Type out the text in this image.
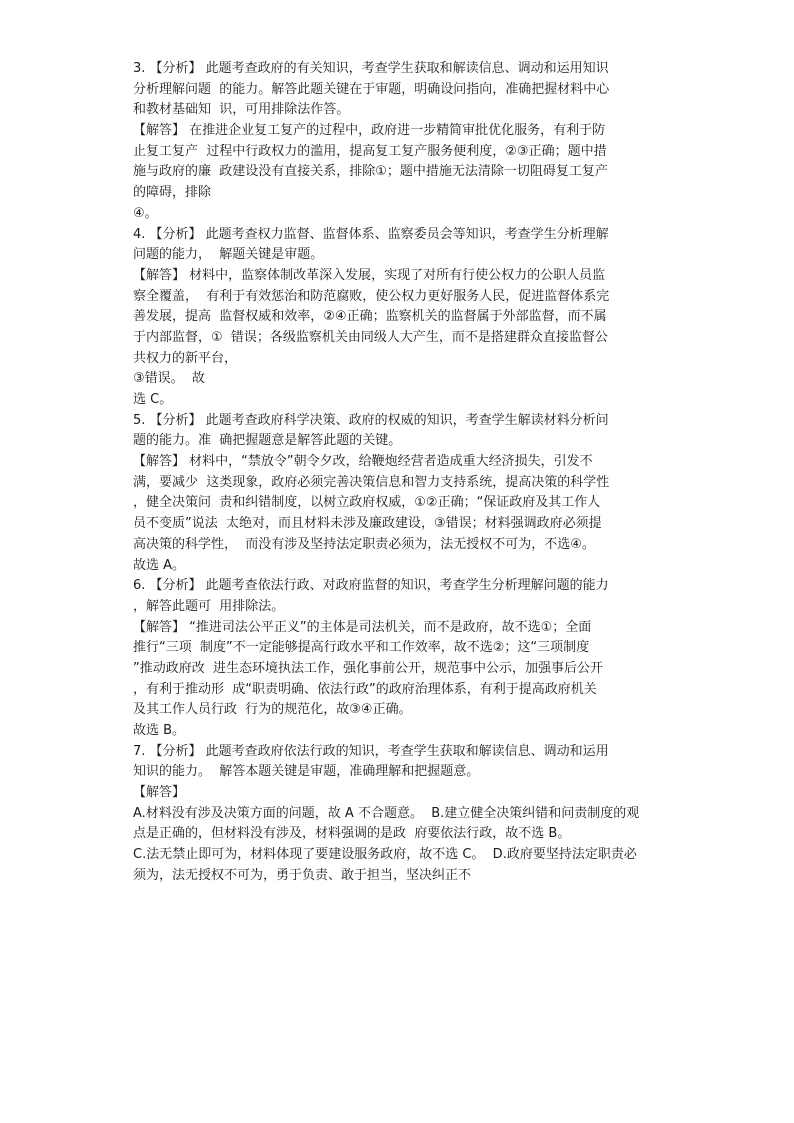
3. 【分析】 此题考查政府的有关知识，考查学生获取和解读信息、调动和运用知识
分析理解问题  的能力。解答此题关键在于审题，明确设问指向，准确把握材料中心
和教材基础知  识，可用排除法作答。
【解答】 在推进企业复工复产的过程中，政府进一步精简审批优化服务，有利于防
止复工复产  过程中行政权力的滥用，提高复工复产服务便利度，②③正确；题中措
施与政府的廉  政建设没有直接关系，排除①；题中措施无法清除一切阻碍复工复产
的障碍，排除
④。
4. 【分析】 此题考查权力监督、监督体系、监察委员会等知识，考查学生分析理解
问题的能力，  解题关键是审题。
【解答】 材料中，监察体制改革深入发展，实现了对所有行使公权力的公职人员监
察全覆盖，  有利于有效惩治和防范腐败，使公权力更好服务人民，促进监督体系完
善发展，提高  监督权威和效率，②④正确；监察机关的监督属于外部监督，而不属
于内部监督，①  错误；各级监察机关由同级人大产生，而不是搭建群众直接监督公
共权力的新平台，
③错误。  故
选 C。
5. 【分析】 此题考查政府科学决策、政府的权威的知识，考查学生解读材料分析问
题的能力。准  确把握题意是解答此题的关键。
【解答】 材料中，“禁放令”朝令夕改，给鞭炮经营者造成重大经济损失，引发不
满，要减少  这类现象，政府必须完善决策信息和智力支持系统，提高决策的科学性
，健全决策问  责和纠错制度，以树立政府权威，①②正确；“保证政府及其工作人
员不变质”说法  太绝对，而且材料未涉及廉政建设，③错误；材料强调政府必须提
高决策的科学性，  而没有涉及坚持法定职责必须为，法无授权不可为，不选④。
故选 A。
6. 【分析】 此题考查依法行政、对政府监督的知识，考查学生分析理解问题的能力
，解答此题可  用排除法。
【解答】 “推进司法公平正义”的主体是司法机关，而不是政府，故不选①；全面
推行“三项  制度”不一定能够提高行政水平和工作效率，故不选②；这“三项制度
”推动政府改  进生态环境执法工作，强化事前公开，规范事中公示，加强事后公开
，有利于推动形  成“职责明确、依法行政”的政府治理体系，有利于提高政府机关
及其工作人员行政  行为的规范化，故③④正确。
故选 B。
7. 【分析】 此题考查政府依法行政的知识，考查学生获取和解读信息、调动和运用
知识的能力。  解答本题关键是审题，准确理解和把握题意。
【解答】
A.材料没有涉及决策方面的问题，故 A 不合题意。  B.建立健全决策纠错和问责制度的观
点是正确的，但材料没有涉及，材料强调的是政  府要依法行政，故不选 B。
C.法无禁止即可为，材料体现了要建设服务政府，故不选 C。  D.政府要坚持法定职责必
须为，法无授权不可为，勇于负责、敢于担当，坚决纠正不
